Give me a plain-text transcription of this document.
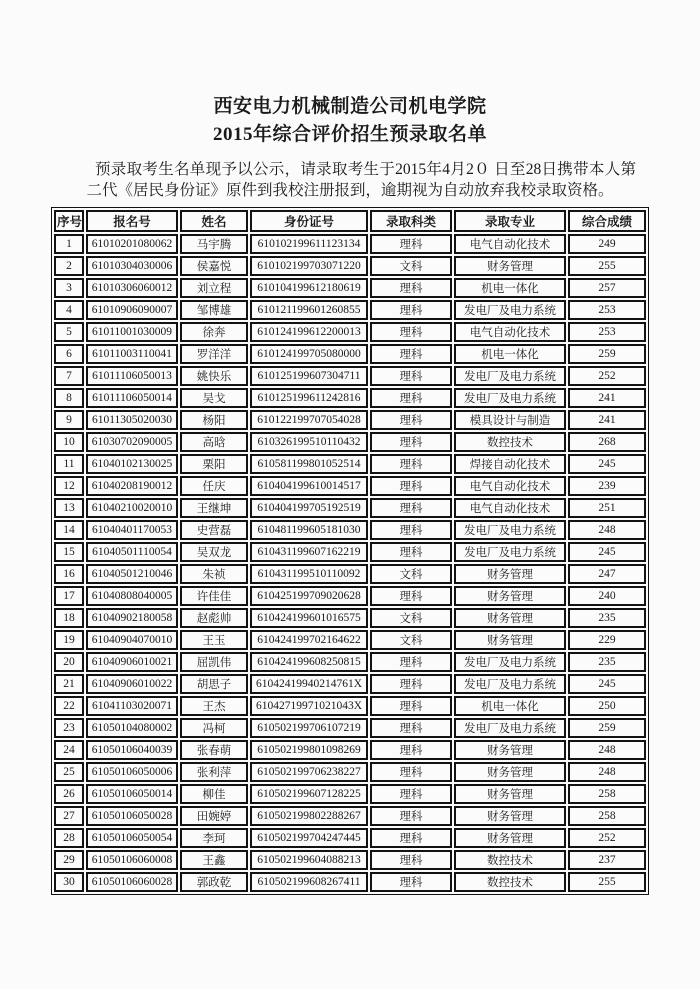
西安电力机械制造公司机电学院
2015年综合评价招生预录取名单

预录取考生名单现予以公示，请录取考生于2015年4月2０ 日至28日携带本人第二代《居民身份证》原件到我校注册报到，逾期视为自动放弃我校录取资格。

序号	报名号	姓名	身份证号	录取科类	录取专业	综合成绩
1	61010201080062	马宇腾	610102199611123134	理科	电气自动化技术	249
2	61010304030006	侯嘉悦	610102199703071220	文科	财务管理	255
3	61010306060012	刘立程	610104199612180619	理科	机电一体化	257
4	61010906090007	邹博雄	610121199601260855	理科	发电厂及电力系统	253
5	61011001030009	徐奔	610124199612200013	理科	电气自动化技术	253
6	61011003110041	罗洋洋	610124199705080000	理科	机电一体化	259
7	61011106050013	姚快乐	610125199607304711	理科	发电厂及电力系统	252
8	61011106050014	吴戈	610125199611242816	理科	发电厂及电力系统	241
9	61011305020030	杨阳	610122199707054028	理科	模具设计与制造	241
10	61030702090005	高晗	610326199510110432	理科	数控技术	268
11	61040102130025	栗阳	610581199801052514	理科	焊接自动化技术	245
12	61040208190012	任庆	610404199610014517	理科	电气自动化技术	239
13	61040210020010	王继坤	610404199705192519	理科	电气自动化技术	251
14	61040401170053	史营磊	610481199605181030	理科	发电厂及电力系统	248
15	61040501110054	吴双龙	610431199607162219	理科	发电厂及电力系统	245
16	61040501210046	朱祯	610431199510110092	文科	财务管理	247
17	61040808040005	许佳佳	610425199709020628	理科	财务管理	240
18	61040902180058	赵彪帅	610424199601016575	文科	财务管理	235
19	61040904070010	王玉	610424199702164622	文科	财务管理	229
20	61040906010021	屈凯伟	610424199608250815	理科	发电厂及电力系统	235
21	61040906010022	胡思子	61042419940214761X	理科	发电厂及电力系统	245
22	61041103020071	王杰	61042719971021043X	理科	机电一体化	250
23	61050104080002	冯柯	610502199706107219	理科	发电厂及电力系统	259
24	61050106040039	张春萌	610502199801098269	理科	财务管理	248
25	61050106050006	张利萍	610502199706238227	理科	财务管理	248
26	61050106050014	柳佳	610502199607128225	理科	财务管理	258
27	61050106050028	田婉婷	610502199802288267	理科	财务管理	258
28	61050106050054	李珂	610502199704247445	理科	财务管理	252
29	61050106060008	王鑫	610502199604088213	理科	数控技术	237
30	61050106060028	郭政乾	610502199608267411	理科	数控技术	255
